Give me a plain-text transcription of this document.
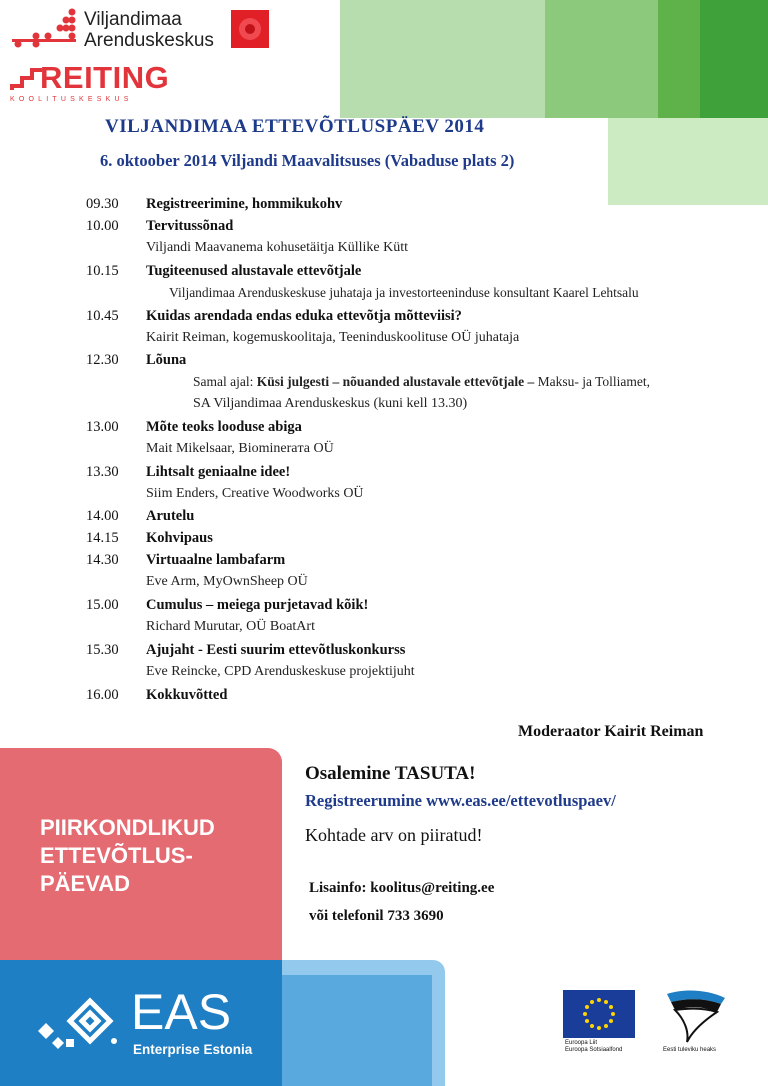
Viljandimaa
Arenduskeskus
REITING
KOOLITUSKESKUS
VILJANDIMAA ETTEVÕTLUSPÄEV 2014
6. oktoober 2014 Viljandi Maavalitsuses (Vabaduse plats 2)
09.30 Registreerimine, hommikukohv
10.00 Tervitussõnad
Viljandi Maavanema kohusetäitja Küllike Kütt
10.15 Tugiteenused alustavale ettevõtjale
Viljandimaa Arenduskeskuse juhataja ja investorteeninduse konsultant Kaarel Lehtsalu
10.45 Kuidas arendada endas eduka ettevõtja mõtteviisi?
Kairit Reiman, kogemuskoolitaja, Teeninduskoolituse OÜ juhataja
12.30 Lõuna
Samal ajal: Küsi julgesti – nõuanded alustavale ettevõtjale – Maksu- ja Tolliamet,
SA Viljandimaa Arenduskeskus (kuni kell 13.30)
13.00 Mõte teoks looduse abiga
Mait Mikelsaar, Biomineraта OÜ
13.30 Lihtsalt geniaalne idee!
Siim Enders, Creative Woodworks OÜ
14.00 Arutelu
14.15 Kohvipaus
14.30 Virtuaalne lambafarm
Eve Arm, MyOwnSheep OÜ
15.00 Cumulus – meiega purjetavad kõik!
Richard Murutar, OÜ BoatArt
15.30 Ajujaht - Eesti suurim ettevõtluskonkurss
Eve Reincke, CPD Arenduskeskuse projektijuht
16.00 Kokkuvõtted
Moderaator Kairit Reiman
PIIRKONDLIKUD
ETTEVÕTLUS-
PÄEVAD
EAS
Enterprise Estonia
Osalemine TASUTA!
Registreerumine www.eas.ee/ettevotluspaev/
Kohtade arv on piiratud!
Lisainfo: koolitus@reiting.ee
või telefonil 733 3690
Euroopa Liit
Euroopa Sotsiaalfond	Eesti tuleviku heaks
